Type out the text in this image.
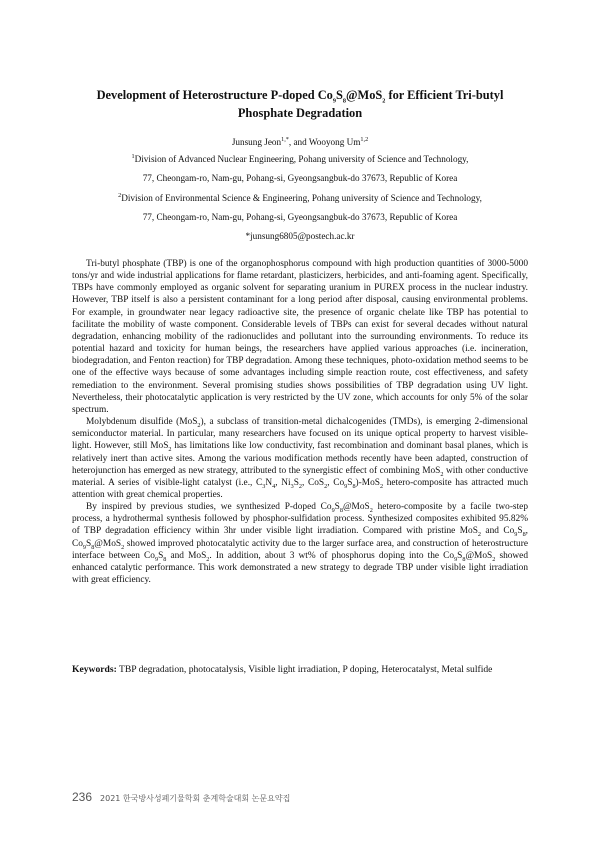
Development of Heterostructure P-doped $Co_9S_8@MoS_2$ for Efficient Tri-butyl
Phosphate Degradation
Junsung Jeon$^{1,*}$, and Wooyong Um$^{1,2}$
$^1$Division of Advanced Nuclear Engineering, Pohang university of Science and Technology,
77, Cheongam-ro, Nam-gu, Pohang-si, Gyeongsangbuk-do 37673, Republic of Korea
$^2$Division of Environmental Science & Engineering, Pohang university of Science and Technology,
77, Cheongam-ro, Nam-gu, Pohang-si, Gyeongsangbuk-do 37673, Republic of Korea
*junsung6805@postech.ac.kr

Tri-butyl phosphate (TBP) is one of the organophosphorus compound with high production quantities of 3000-5000 tons/yr and wide industrial applications for flame retardant, plasticizers, herbicides, and anti-foaming agent. Specifically, TBPs have commonly employed as organic solvent for separating uranium in PUREX process in the nuclear industry. However, TBP itself is also a persistent contaminant for a long period after disposal, causing environmental problems. For example, in groundwater near legacy radioactive site, the presence of organic chelate like TBP has potential to facilitate the mobility of waste component. Considerable levels of TBPs can exist for several decades without natural degradation, enhancing mobility of the radionuclides and pollutant into the surrounding environments. To reduce its potential hazard and toxicity for human beings, the researchers have applied various approaches (i.e. incineration, biodegradation, and Fenton reaction) for TBP degradation. Among these techniques, photo-oxidation method seems to be one of the effective ways because of some advantages including simple reaction route, cost effectiveness, and safety remediation to the environment. Several promising studies shows possibilities of TBP degradation using UV light. Nevertheless, their photocatalytic application is very restricted by the UV zone, which accounts for only 5% of the solar spectrum.

Molybdenum disulfide (MoS$_2$), a subclass of transition-metal dichalcogenides (TMDs), is emerging 2-dimensional semiconductor material. In particular, many researchers have focused on its unique optical property to harvest visible-light. However, still MoS$_2$ has limitations like low conductivity, fast recombination and dominant basal planes, which is relatively inert than active sites. Among the various modification methods recently have been adapted, construction of heterojunction has emerged as new strategy, attributed to the synergistic effect of combining MoS$_2$ with other conductive material. A series of visible-light catalyst (i.e., $C_3N_4$, $Ni_3S_2$, CoS$_2$, $Co_9S_8)-MoS_2$ hetero-composite has attracted much attention with great chemical properties.

By inspired by previous studies, we synthesized P-doped $Co_9S_8@MoS_2$ hetero-composite by a facile two-step process, a hydrothermal synthesis followed by phosphor-sulfidation process. Synthesized composites exhibited 95.82% of TBP degradation efficiency within 3hr under visible light irradiation. Compared with pristine MoS$_2$ and $Co_9S_8$, $Co_9S_8@MoS_2$ showed improved photocatalytic activity due to the larger surface area, and construction of heterostructure interface between $Co_9S_8$ and MoS$_2$. In addition, about 3 wt% of phosphorus doping into the $Co_9S_8@MoS_2$ showed enhanced catalytic performance. This work demonstrated a new strategy to degrade TBP under visible light irradiation with great efficiency.

Keywords: TBP degradation, photocatalysis, Visible light irradiation, P doping, Heterocatalyst, Metal sulfide
236 2021 한국방사성폐기물학회 춘계학술대회 논문요약집
